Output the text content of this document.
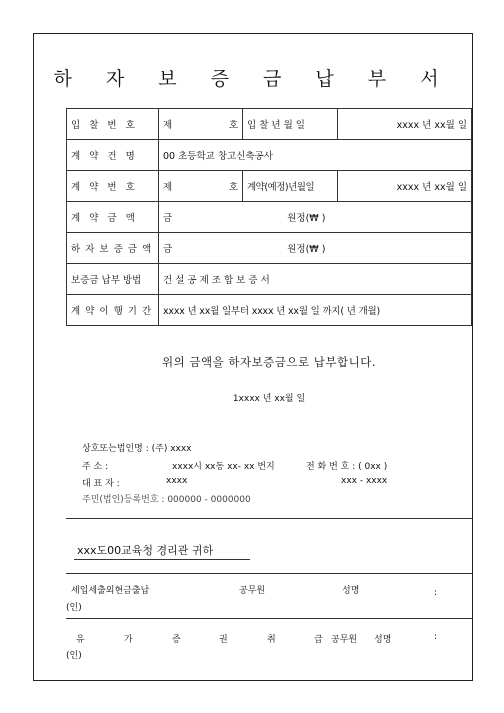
하 자 보 증 금 납 부 서
입 찰 번 호	제 호	입 찰 년 월 일	xxxx 년 xx월 일
계 약 건 명	00 초등학교 창고신축공사		
계 약 번 호	제 호	계약(예정)년월일	xxxx 년 xx월 일
계 약 금 액	금 원정(₩ )		
하 자 보 증 금 액	금 원정(₩ )		
보증금 납부 방법	건 설 공 제 조 합 보 증 서		
계 약 이 행 기 간	xxxx 년 xx월 일부터 xxxx 년 xx월 일 까지( 년 개월)		
위의 금액을 하자보증금으로 납부합니다.
1xxxx 년 xx월 일
상호또는법인명 : (주) xxxx
주 소 :	xxxx시 xx동 xx- xx 번지	전 화 번 호 : ( 0xx )
대 표 자 :	xxxx	xxx - xxxx
주민(법인)등록번호 : 000000 - 0000000
xxx도00교육청 경리관 귀하
세입세출외현금출납	공무원	성명	:
(인)
유	가	증	권	취	급 공무원 성명	:
(인)
